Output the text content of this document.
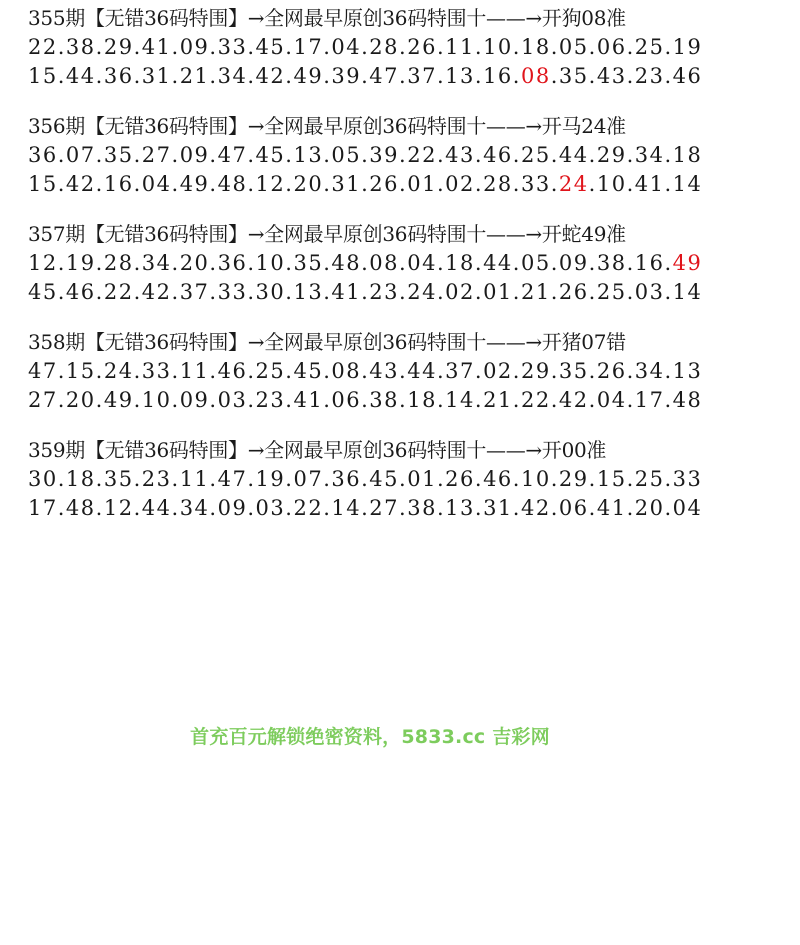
355期【无错36码特围】→全网最早原创36码特围十——→开狗08准
22.38.29.41.09.33.45.17.04.28.26.11.10.18.05.06.25.19
15.44.36.31.21.34.42.49.39.47.37.13.16.08.35.43.23.46
356期【无错36码特围】→全网最早原创36码特围十——→开马24准
36.07.35.27.09.47.45.13.05.39.22.43.46.25.44.29.34.18
15.42.16.04.49.48.12.20.31.26.01.02.28.33.24.10.41.14
357期【无错36码特围】→全网最早原创36码特围十——→开蛇49准
12.19.28.34.20.36.10.35.48.08.04.18.44.05.09.38.16.49
45.46.22.42.37.33.30.13.41.23.24.02.01.21.26.25.03.14
358期【无错36码特围】→全网最早原创36码特围十——→开猪07错
47.15.24.33.11.46.25.45.08.43.44.37.02.29.35.26.34.13
27.20.49.10.09.03.23.41.06.38.18.14.21.22.42.04.17.48
359期【无错36码特围】→全网最早原创36码特围十——→开00准
30.18.35.23.11.47.19.07.36.45.01.26.46.10.29.15.25.33
17.48.12.44.34.09.03.22.14.27.38.13.31.42.06.41.20.04
首充百元解锁绝密资料，5833.cc 吉彩网
